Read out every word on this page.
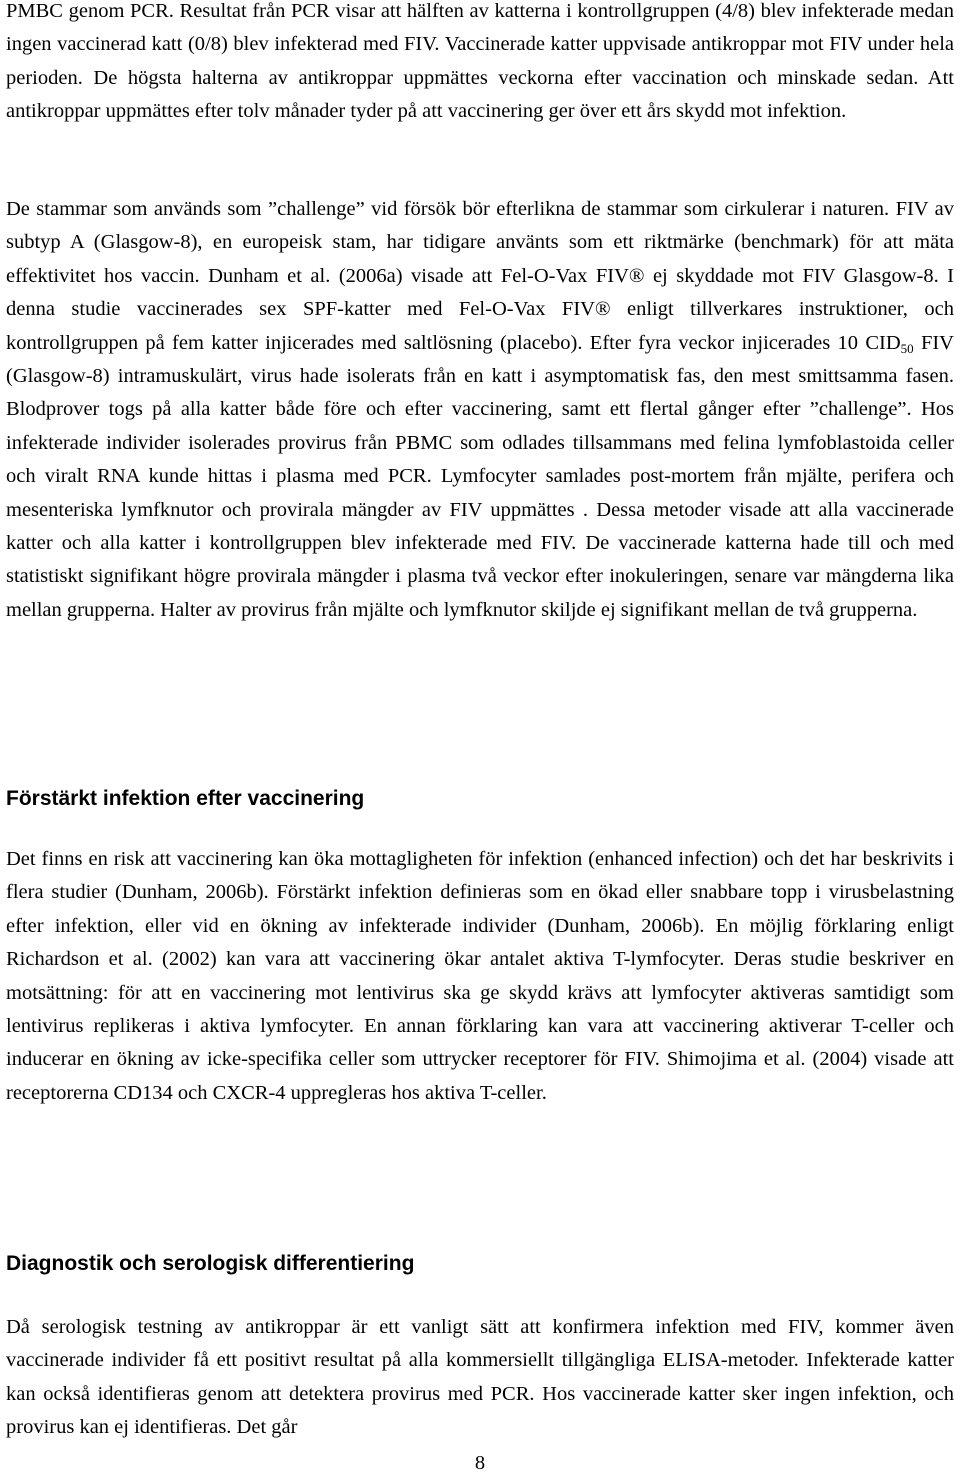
PMBC genom PCR. Resultat från PCR visar att hälften av katterna i kontrollgruppen (4/8) blev infekterade medan ingen vaccinerad katt (0/8) blev infekterad med FIV. Vaccinerade katter uppvisade antikroppar mot FIV under hela perioden. De högsta halterna av antikroppar uppmättes veckorna efter vaccination och minskade sedan. Att antikroppar uppmättes efter tolv månader tyder på att vaccinering ger över ett års skydd mot infektion.

De stammar som används som ”challenge” vid försök bör efterlikna de stammar som cirkulerar i naturen. FIV av subtyp A (Glasgow-8), en europeisk stam, har tidigare använts som ett riktmärke (benchmark) för att mäta effektivitet hos vaccin. Dunham et al. (2006a) visade att Fel-O-Vax FIV® ej skyddade mot FIV Glasgow-8. I denna studie vaccinerades sex SPF-katter med Fel-O-Vax FIV® enligt tillverkares instruktioner, och kontrollgruppen på fem katter injicerades med saltlösning (placebo). Efter fyra veckor injicerades 10 $CID_{50}$ FIV (Glasgow-8) intramuskulärt, virus hade isolerats från en katt i asymptomatisk fas, den mest smittsamma fasen. Blodprover togs på alla katter både före och efter vaccinering, samt ett flertal gånger efter ”challenge”. Hos infekterade individer isolerades provirus från PBMC som odlades tillsammans med felina lymfoblastoida celler och viralt RNA kunde hittas i plasma med PCR. Lymfocyter samlades post-mortem från mjälte, perifera och mesenteriska lymfknutor och provirala mängder av FIV uppmättes . Dessa metoder visade att alla vaccinerade katter och alla katter i kontrollgruppen blev infekterade med FIV. De vaccinerade katterna hade till och med statistiskt signifikant högre provirala mängder i plasma två veckor efter inokuleringen, senare var mängderna lika mellan grupperna. Halter av provirus från mjälte och lymfknutor skiljde ej signifikant mellan de två grupperna.

Förstärkt infektion efter vaccinering

Det finns en risk att vaccinering kan öka mottagligheten för infektion (enhanced infection) och det har beskrivits i flera studier (Dunham, 2006b). Förstärkt infektion definieras som en ökad eller snabbare topp i virusbelastning efter infektion, eller vid en ökning av infekterade individer (Dunham, 2006b). En möjlig förklaring enligt Richardson et al. (2002) kan vara att vaccinering ökar antalet aktiva T-lymfocyter. Deras studie beskriver en motsättning: för att en vaccinering mot lentivirus ska ge skydd krävs att lymfocyter aktiveras samtidigt som lentivirus replikeras i aktiva lymfocyter. En annan förklaring kan vara att vaccinering aktiverar T-celler och inducerar en ökning av icke-specifika celler som uttrycker receptorer för FIV. Shimojima et al. (2004) visade att receptorerna CD134 och CXCR-4 uppregleras hos aktiva T-celler.

Diagnostik och serologisk differentiering

Då serologisk testning av antikroppar är ett vanligt sätt att konfirmera infektion med FIV, kommer även vaccinerade individer få ett positivt resultat på alla kommersiellt tillgängliga ELISA-metoder. Infekterade katter kan också identifieras genom att detektera provirus med PCR. Hos vaccinerade katter sker ingen infektion, och provirus kan ej identifieras. Det går

8
